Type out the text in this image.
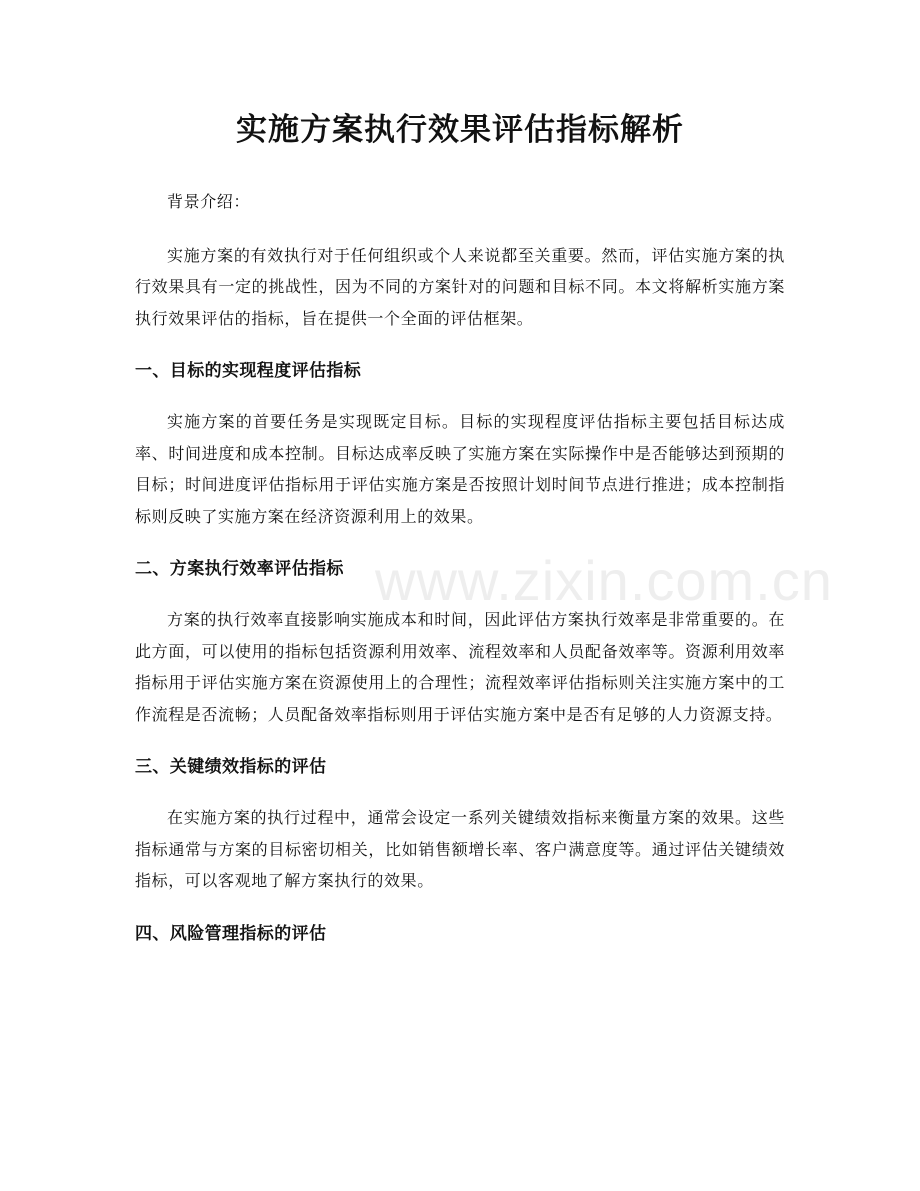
实施方案执行效果评估指标解析
www.zixin.com.cn

背景介绍：

实施方案的有效执行对于任何组织或个人来说都至关重要。然而，评估实施方案的执行效果具有一定的挑战性，因为不同的方案针对的问题和目标不同。本文将解析实施方案执行效果评估的指标，旨在提供一个全面的评估框架。

一、目标的实现程度评估指标

实施方案的首要任务是实现既定目标。目标的实现程度评估指标主要包括目标达成率、时间进度和成本控制。目标达成率反映了实施方案在实际操作中是否能够达到预期的目标；时间进度评估指标用于评估实施方案是否按照计划时间节点进行推进；成本控制指标则反映了实施方案在经济资源利用上的效果。

二、方案执行效率评估指标

方案的执行效率直接影响实施成本和时间，因此评估方案执行效率是非常重要的。在此方面，可以使用的指标包括资源利用效率、流程效率和人员配备效率等。资源利用效率指标用于评估实施方案在资源使用上的合理性；流程效率评估指标则关注实施方案中的工作流程是否流畅；人员配备效率指标则用于评估实施方案中是否有足够的人力资源支持。

三、关键绩效指标的评估

在实施方案的执行过程中，通常会设定一系列关键绩效指标来衡量方案的效果。这些指标通常与方案的目标密切相关，比如销售额增长率、客户满意度等。通过评估关键绩效指标，可以客观地了解方案执行的效果。

四、风险管理指标的评估
